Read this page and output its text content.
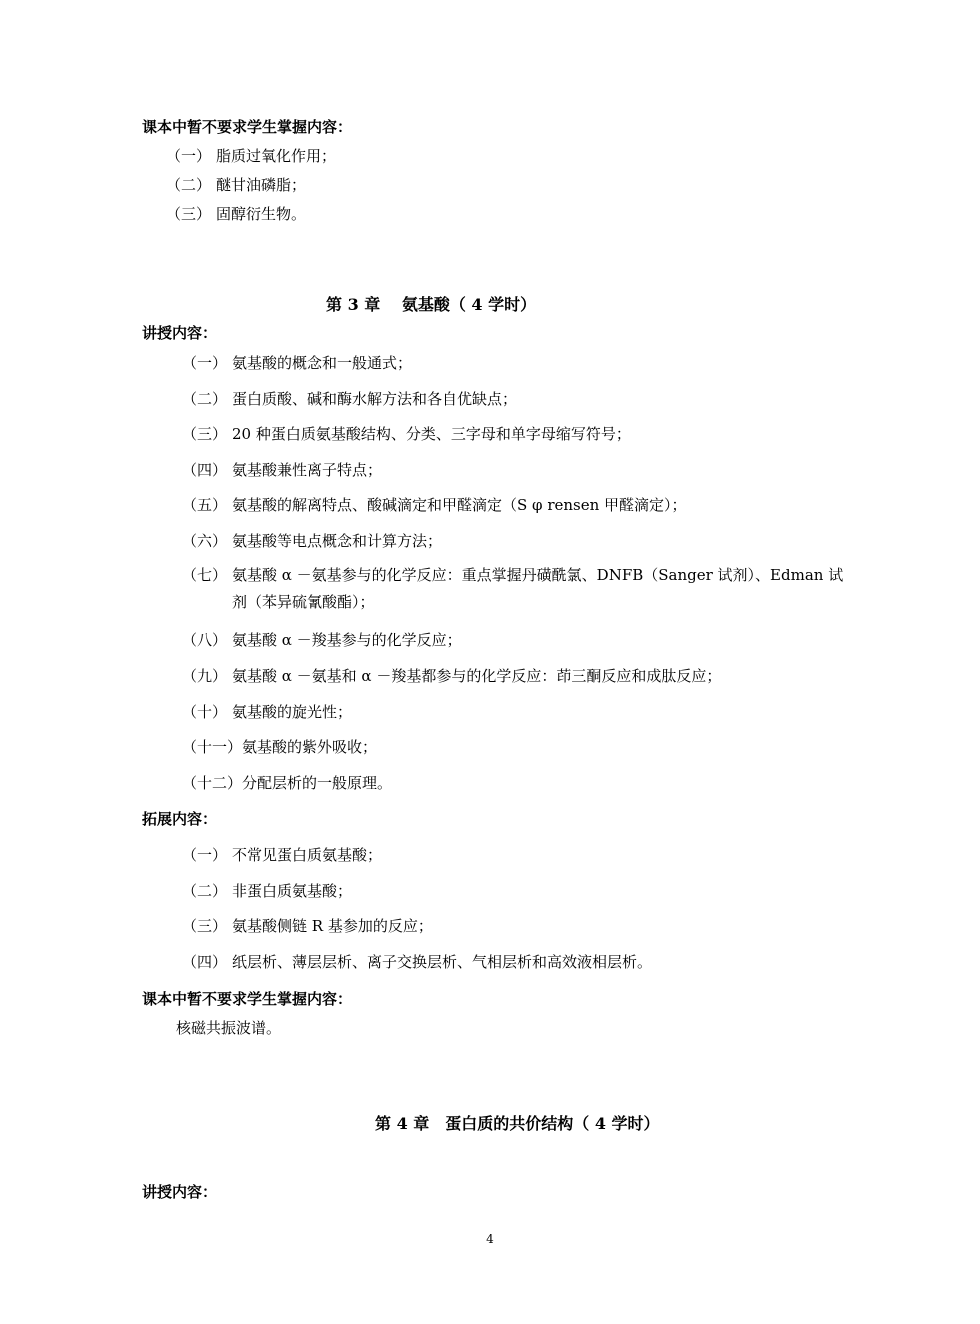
课本中暂不要求学生掌握内容：
（一） 脂质过氧化作用；
（二） 醚甘油磷脂；
（三） 固醇衍生物。
第 3 章　 氨基酸（ 4 学时）
讲授内容：
（一） 氨基酸的概念和一般通式；
（二） 蛋白质酸、碱和酶水解方法和各自优缺点；
（三） 20 种蛋白质氨基酸结构、分类、三字母和单字母缩写符号；
（四） 氨基酸兼性离子特点；
（五） 氨基酸的解离特点、酸碱滴定和甲醛滴定（S φ rensen 甲醛滴定）；
（六） 氨基酸等电点概念和计算方法；
（七） 氨基酸 α －氨基参与的化学反应：重点掌握丹磺酰氯、DNFB（Sanger 试剂）、Edman 试剂（苯异硫氰酸酯）；
（八） 氨基酸 α －羧基参与的化学反应；
（九） 氨基酸 α －氨基和 α －羧基都参与的化学反应：茚三酮反应和成肽反应；
（十） 氨基酸的旋光性；
（十一） 氨基酸的紫外吸收；
（十二） 分配层析的一般原理。
拓展内容：
（一） 不常见蛋白质氨基酸；
（二） 非蛋白质氨基酸；
（三） 氨基酸侧链 R 基参加的反应；
（四） 纸层析、薄层层析、离子交换层析、气相层析和高效液相层析。
课本中暂不要求学生掌握内容：
核磁共振波谱。
第 4 章　蛋白质的共价结构（ 4 学时）
讲授内容：
4
